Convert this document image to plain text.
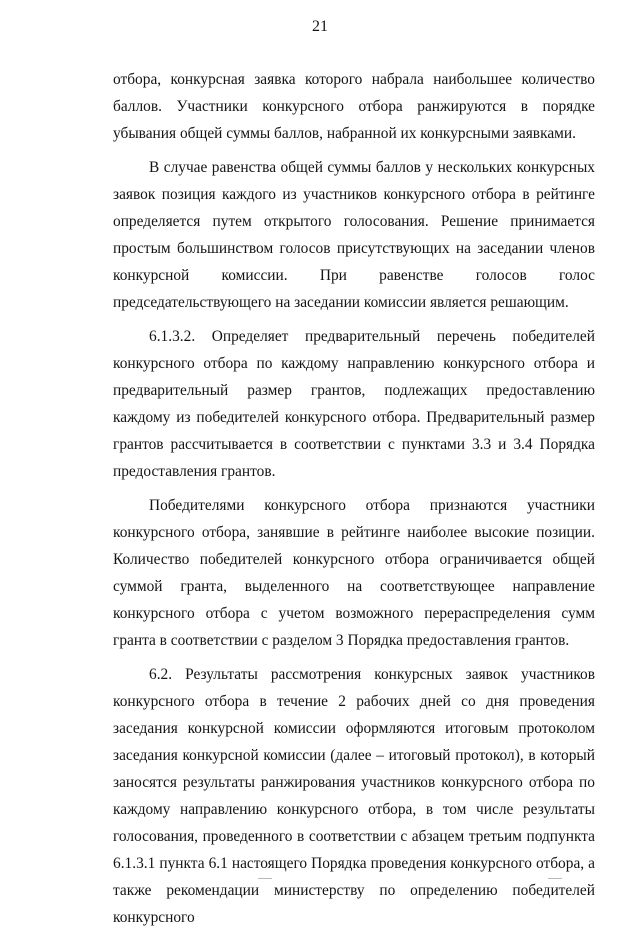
21

отбора, конкурсная заявка которого набрала наибольшее количество баллов. Участники конкурсного отбора ранжируются в порядке убывания общей суммы баллов, набранной их конкурсными заявками.

В случае равенства общей суммы баллов у нескольких конкурсных заявок позиция каждого из участников конкурсного отбора в рейтинге определяется путем открытого голосования. Решение принимается простым большинством голосов присутствующих на заседании членов конкурсной комиссии. При равенстве голосов голос председательствующего на заседании комиссии является решающим.

6.1.3.2. Определяет предварительный перечень победителей конкурсного отбора по каждому направлению конкурсного отбора и предварительный размер грантов, подлежащих предоставлению каждому из победителей конкурсного отбора. Предварительный размер грантов рассчитывается в соответствии с пунктами 3.3 и 3.4 Порядка предоставления грантов.

Победителями конкурсного отбора признаются участники конкурсного отбора, занявшие в рейтинге наиболее высокие позиции. Количество победителей конкурсного отбора ограничивается общей суммой гранта, выделенного на соответствующее направление конкурсного отбора с учетом возможного перераспределения сумм гранта в соответствии с разделом 3 Порядка предоставления грантов.

6.2. Результаты рассмотрения конкурсных заявок участников конкурсного отбора в течение 2 рабочих дней со дня проведения заседания конкурсной комиссии оформляются итоговым протоколом заседания конкурсной комиссии (далее – итоговый протокол), в который заносятся результаты ранжирования участников конкурсного отбора по каждому направлению конкурсного отбора, в том числе результаты голосования, проведенного в соответствии с абзацем третьим подпункта 6.1.3.1 пункта 6.1 настоящего Порядка проведения конкурсного отбора, а также рекомендации министерству по определению победителей конкурсного
